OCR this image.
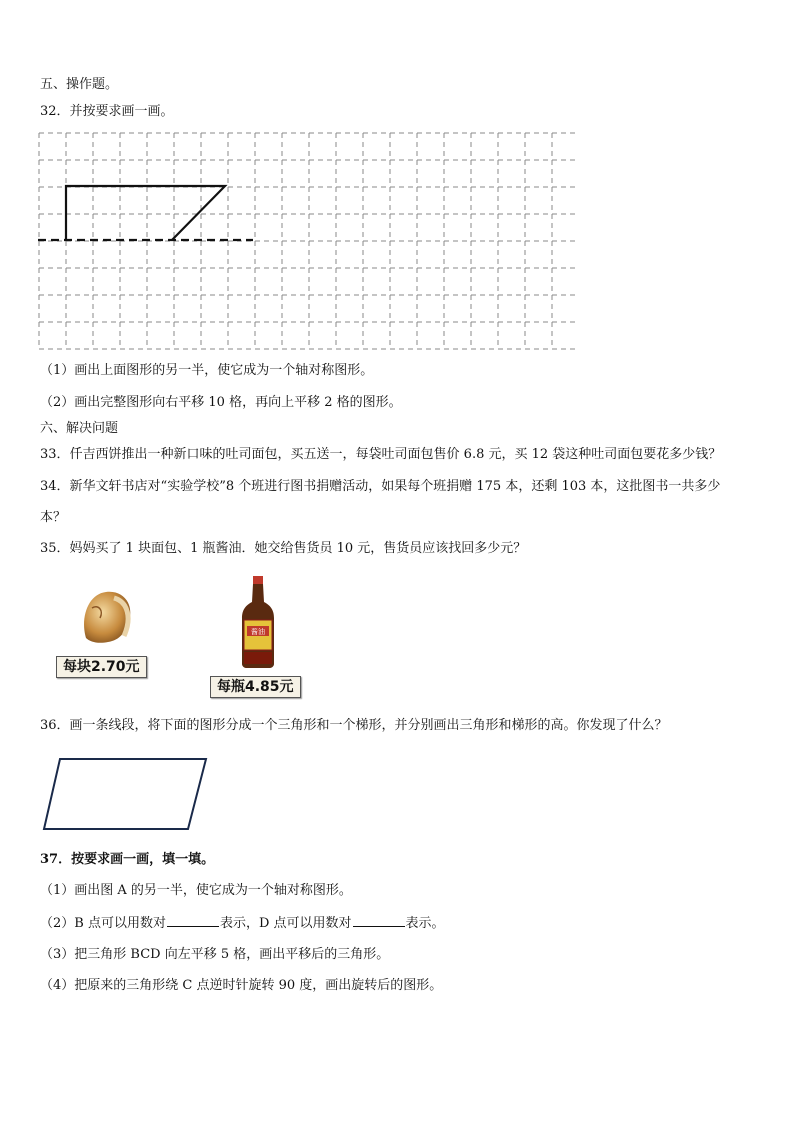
五、操作题。
32．并按要求画一画。
（1）画出上面图形的另一半，使它成为一个轴对称图形。
（2）画出完整图形向右平移 10 格，再向上平移 2 格的图形。
六、解决问题
33．仟吉西饼推出一种新口味的吐司面包，买五送一，每袋吐司面包售价 6.8 元，买 12 袋这种吐司面包要花多少钱？
34．新华文轩书店对“实验学校”8 个班进行图书捐赠活动，如果每个班捐赠 175 本，还剩 103 本，这批图书一共多少
本？
35．妈妈买了 1 块面包、1 瓶酱油．她交给售货员 10 元，售货员应该找回多少元？
每块2.70元
酱油
每瓶4.85元
36．画一条线段，将下面的图形分成一个三角形和一个梯形，并分别画出三角形和梯形的高。你发现了什么？
37．按要求画一画，填一填。
（1）画出图 A 的另一半，使它成为一个轴对称图形。
（2）B 点可以用数对	表示，D 点可以用数对	表示。
（3）把三角形 BCD 向左平移 5 格，画出平移后的三角形。
（4）把原来的三角形绕 C 点逆时针旋转 90 度，画出旋转后的图形。
